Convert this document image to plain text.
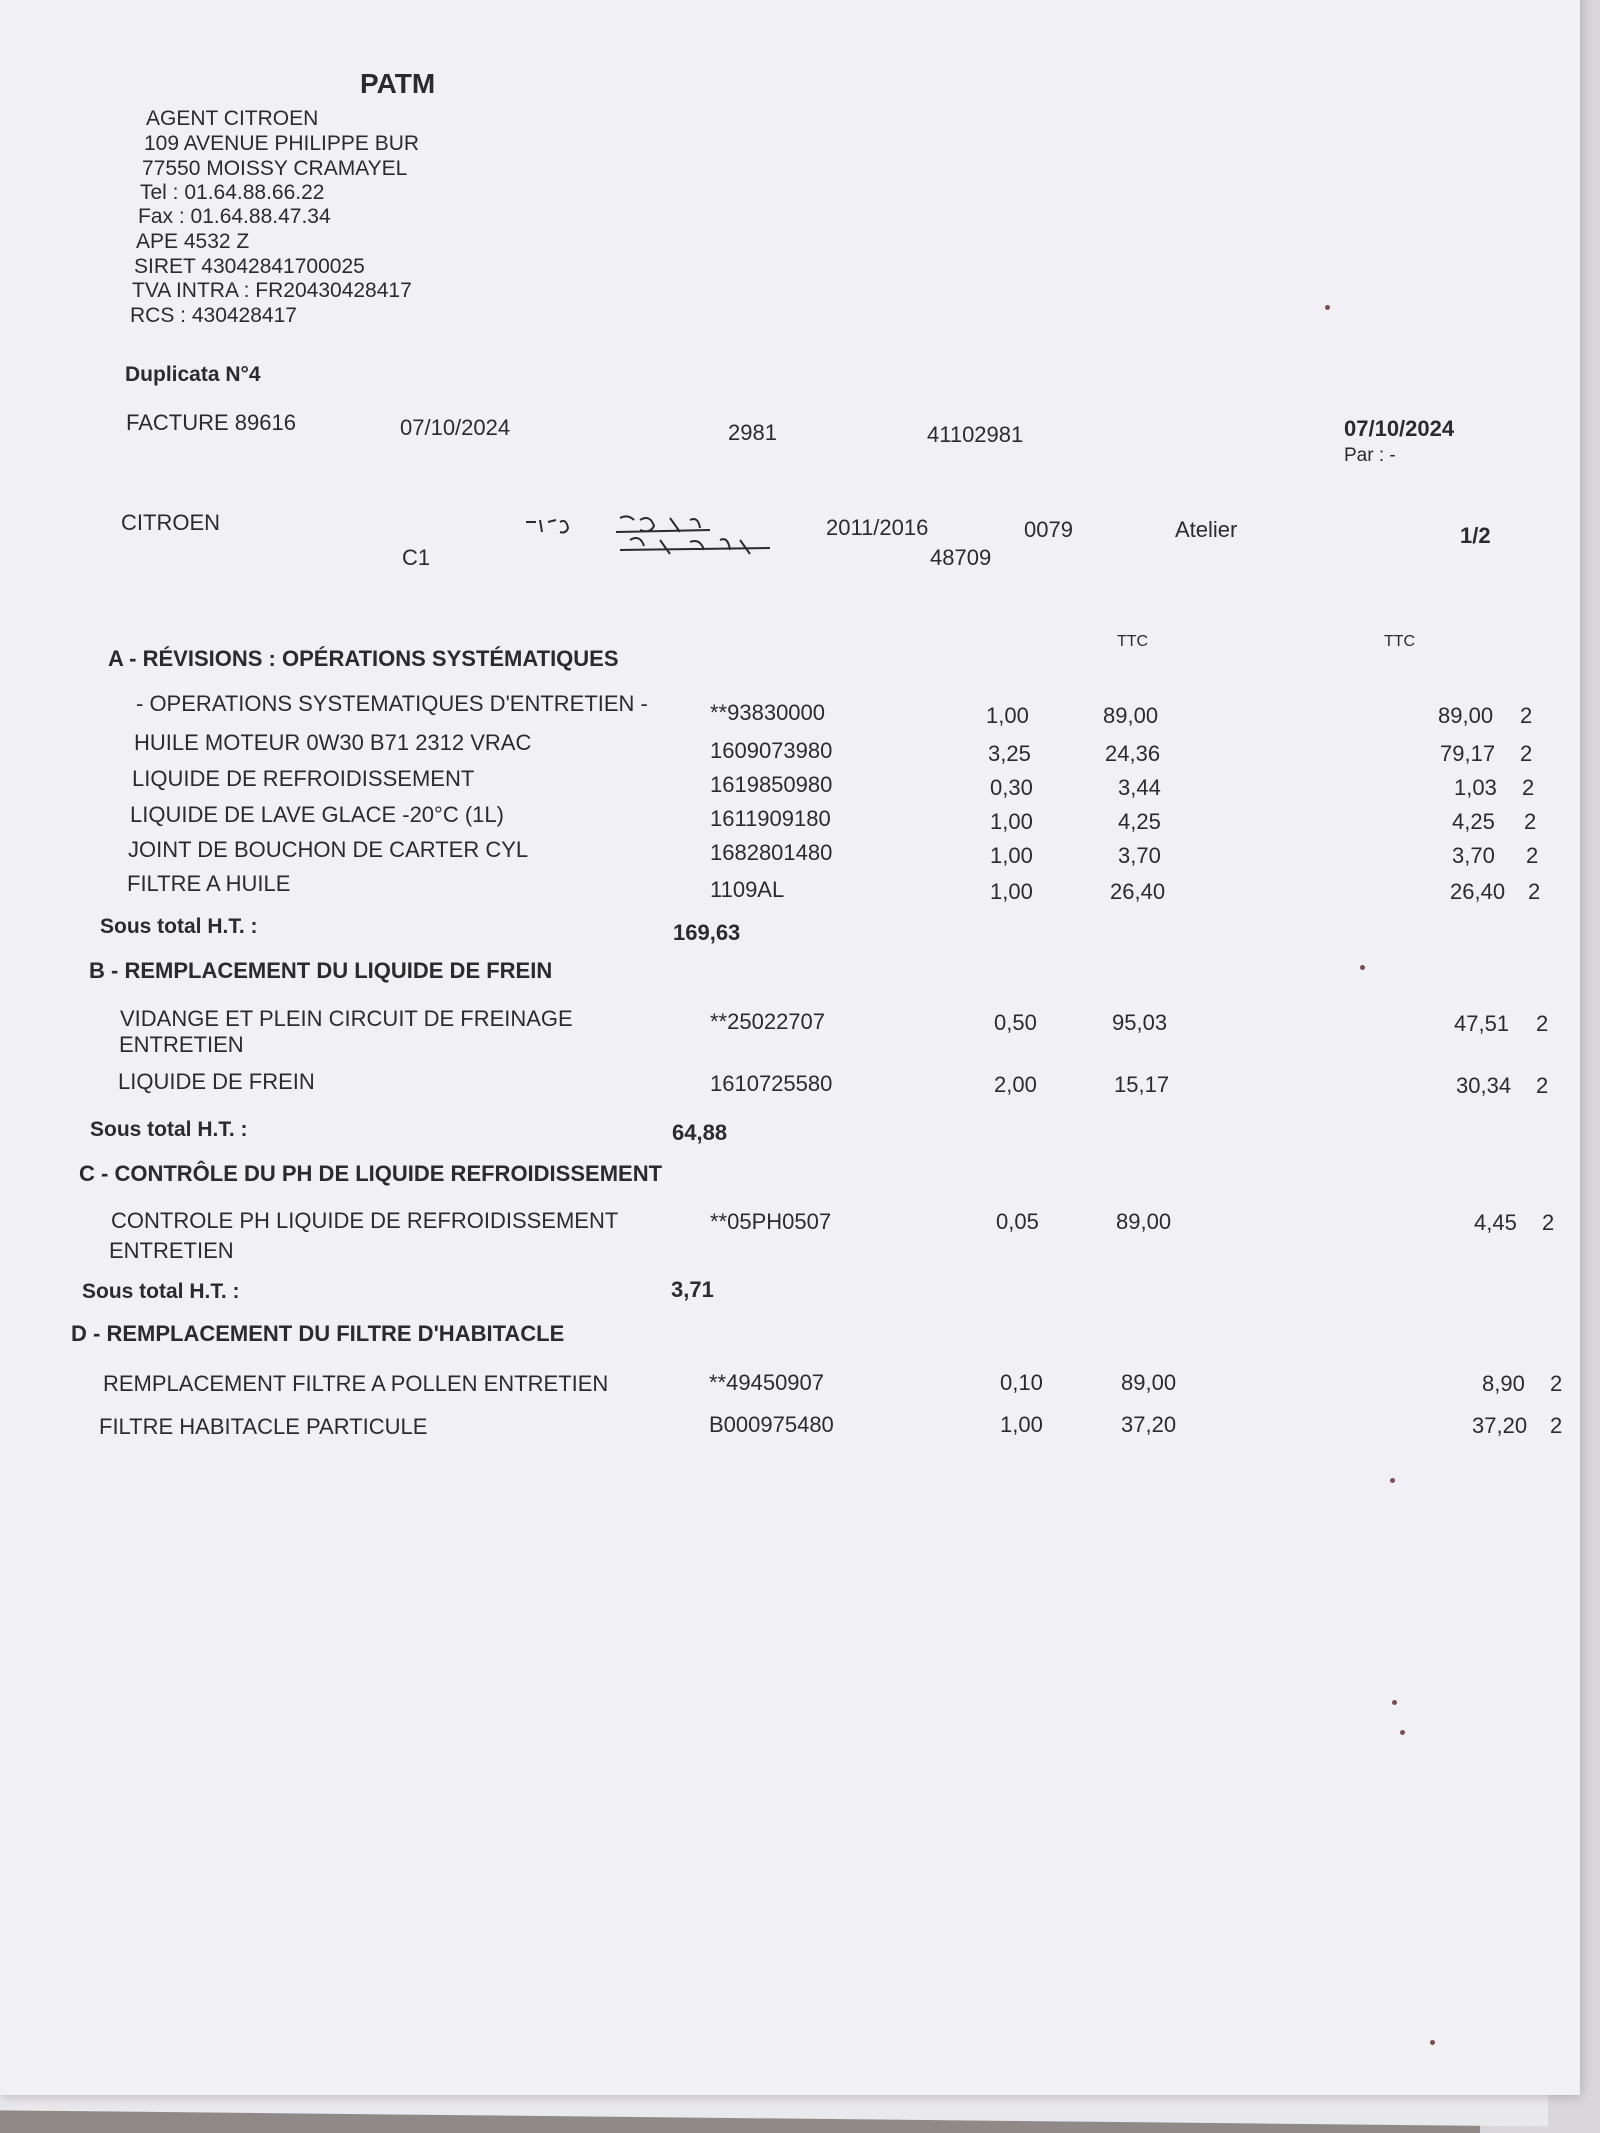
PATM
AGENT CITROEN
109 AVENUE PHILIPPE BUR
77550 MOISSY CRAMAYEL
Tel : 01.64.88.66.22
Fax : 01.64.88.47.34
APE 4532 Z
SIRET 43042841700025
TVA INTRA : FR20430428417
RCS : 430428417
Duplicata N°4
FACTURE 89616	07/10/2024	2981	41102981	07/10/2024
Par : -
CITROEN
C1
2011/2016	0079	Atelier
48709
1/2
TTC	TTC
A - RÉVISIONS : OPÉRATIONS SYSTÉMATIQUES
- OPERATIONS SYSTEMATIQUES D'ENTRETIEN -	**93830000	1,00	89,00	89,00 2
HUILE MOTEUR 0W30 B71 2312 VRAC	1609073980	3,25	24,36	79,17 2
LIQUIDE DE REFROIDISSEMENT	1619850980	0,30	3,44	1,03 2
LIQUIDE DE LAVE GLACE -20°C (1L)	1611909180	1,00	4,25	4,25 2
JOINT DE BOUCHON DE CARTER CYL	1682801480	1,00	3,70	3,70 2
FILTRE A HUILE	1109AL	1,00	26,40	26,40 2
Sous total H.T. :	169,63
B - REMPLACEMENT DU LIQUIDE DE FREIN
VIDANGE ET PLEIN CIRCUIT DE FREINAGE
ENTRETIEN
**25022707	0,50	95,03	47,51 2
LIQUIDE DE FREIN	1610725580	2,00	15,17	30,34 2
Sous total H.T. :	64,88
C - CONTRÔLE DU PH DE LIQUIDE REFROIDISSEMENT
CONTROLE PH LIQUIDE DE REFROIDISSEMENT
ENTRETIEN
**05PH0507	0,05	89,00	4,45 2
Sous total H.T. :	3,71
D - REMPLACEMENT DU FILTRE D'HABITACLE
REMPLACEMENT FILTRE A POLLEN ENTRETIEN	**49450907	0,10	89,00	8,90 2
FILTRE HABITACLE PARTICULE	B000975480	1,00	37,20	37,20 2
